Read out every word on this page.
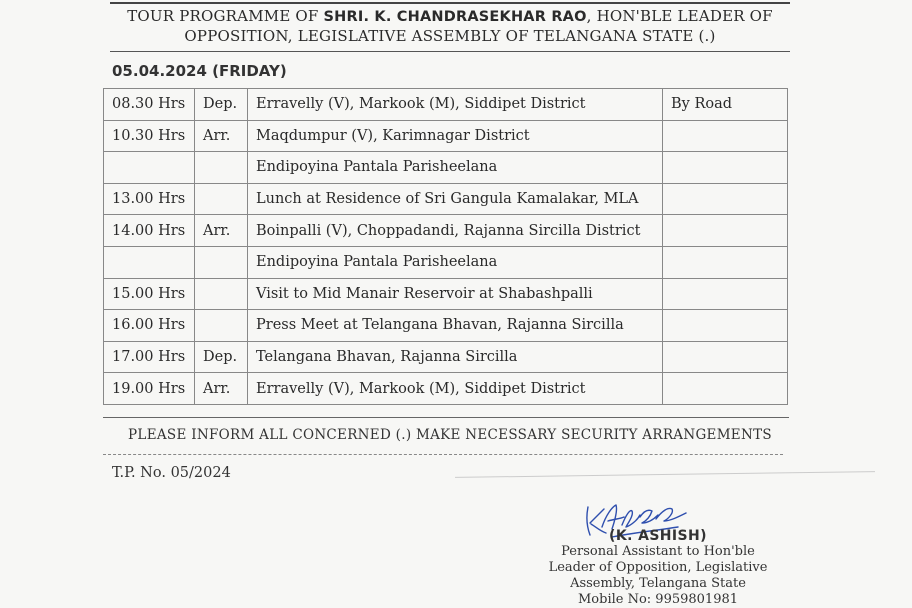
TOUR PROGRAMME OF SHRI. K. CHANDRASEKHAR RAO, HON'BLE LEADER OF
OPPOSITION, LEGISLATIVE ASSEMBLY OF TELANGANA STATE (.)
05.04.2024 (FRIDAY)
08.30 Hrs	Dep.	Erravelly (V), Markook (M), Siddipet District	By Road
10.30 Hrs	Arr.	Maqdumpur (V), Karimnagar District	
		Endipoyina Pantala Parisheelana	
13.00 Hrs		Lunch at Residence of Sri Gangula Kamalakar, MLA	
14.00 Hrs	Arr.	Boinpalli (V), Choppadandi, Rajanna Sircilla District	
		Endipoyina Pantala Parisheelana	
15.00 Hrs		Visit to Mid Manair Reservoir at Shabashpalli	
16.00 Hrs		Press Meet at Telangana Bhavan, Rajanna Sircilla	
17.00 Hrs	Dep.	Telangana Bhavan, Rajanna Sircilla	
19.00 Hrs	Arr.	Erravelly (V), Markook (M), Siddipet District	
PLEASE INFORM ALL CONCERNED (.) MAKE NECESSARY SECURITY ARRANGEMENTS
T.P. No. 05/2024
(K. ASHISH)
Personal Assistant to Hon'ble
Leader of Opposition, Legislative
Assembly, Telangana State
Mobile No: 9959801981
